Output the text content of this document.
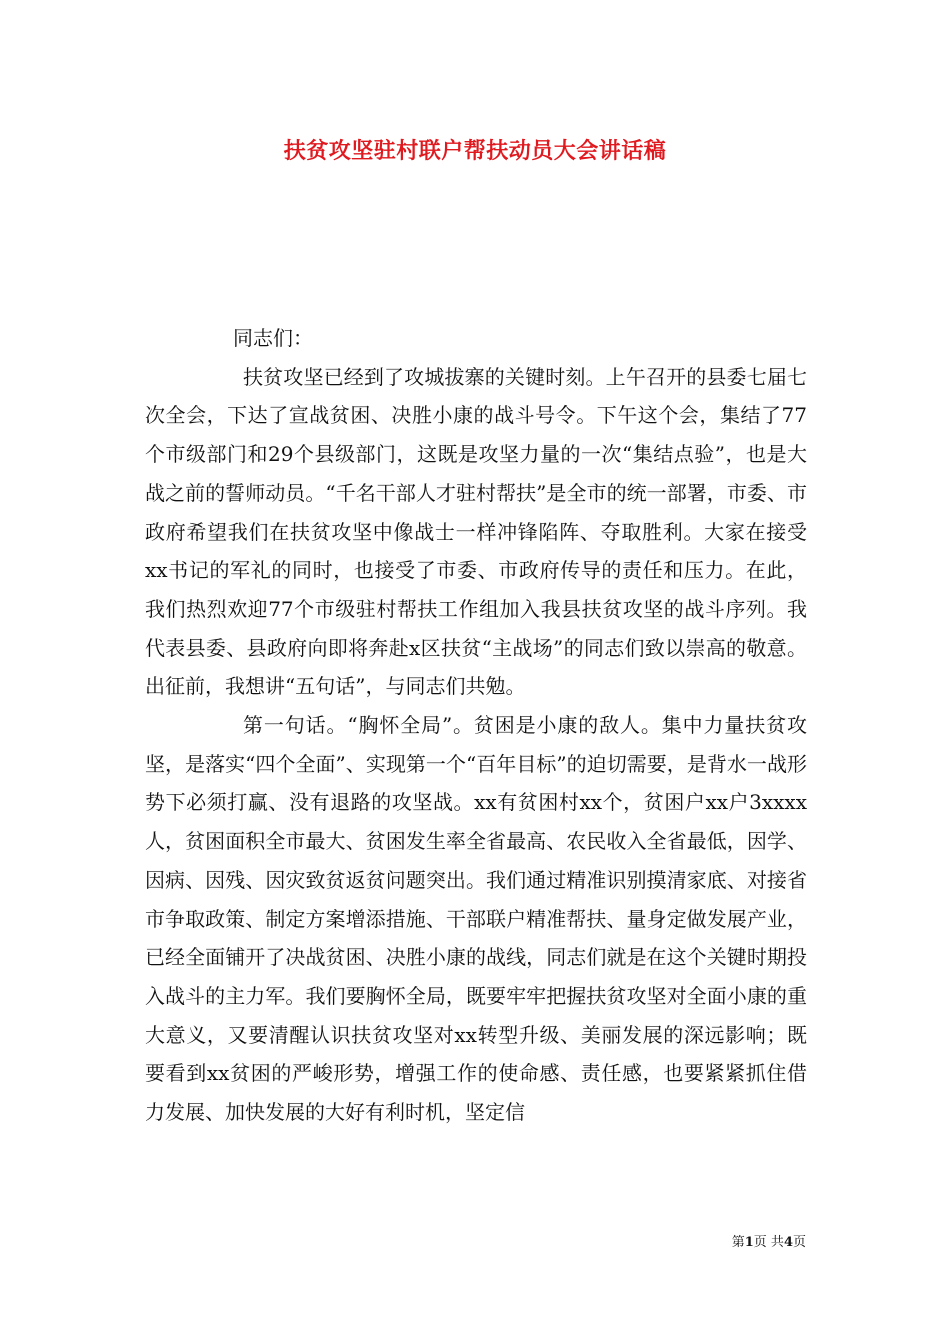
扶贫攻坚驻村联户帮扶动员大会讲话稿

同志们：

扶贫攻坚已经到了攻城拔寨的关键时刻。上午召开的县委七届七次全会，下达了宣战贫困、决胜小康的战斗号令。下午这个会，集结了77个市级部门和29个县级部门，这既是攻坚力量的一次“集结点验”，也是大战之前的誓师动员。“千名干部人才驻村帮扶”是全市的统一部署，市委、市政府希望我们在扶贫攻坚中像战士一样冲锋陷阵、夺取胜利。大家在接受xx书记的军礼的同时，也接受了市委、市政府传导的责任和压力。在此，我们热烈欢迎77个市级驻村帮扶工作组加入我县扶贫攻坚的战斗序列。我代表县委、县政府向即将奔赴x区扶贫“主战场”的同志们致以崇高的敬意。出征前，我想讲“五句话”，与同志们共勉。

第一句话。“胸怀全局”。贫困是小康的敌人。集中力量扶贫攻坚，是落实“四个全面”、实现第一个“百年目标”的迫切需要，是背水一战形势下必须打赢、没有退路的攻坚战。xx有贫困村xx个，贫困户xx户3xxxx人，贫困面积全市最大、贫困发生率全省最高、农民收入全省最低，因学、因病、因残、因灾致贫返贫问题突出。我们通过精准识别摸清家底、对接省市争取政策、制定方案增添措施、干部联户精准帮扶、量身定做发展产业，已经全面铺开了决战贫困、决胜小康的战线，同志们就是在这个关键时期投入战斗的主力军。我们要胸怀全局，既要牢牢把握扶贫攻坚对全面小康的重大意义，又要清醒认识扶贫攻坚对xx转型升级、美丽发展的深远影响；既要看到xx贫困的严峻形势，增强工作的使命感、责任感，也要紧紧抓住借力发展、加快发展的大好有利时机，坚定信

第1页 共4页
